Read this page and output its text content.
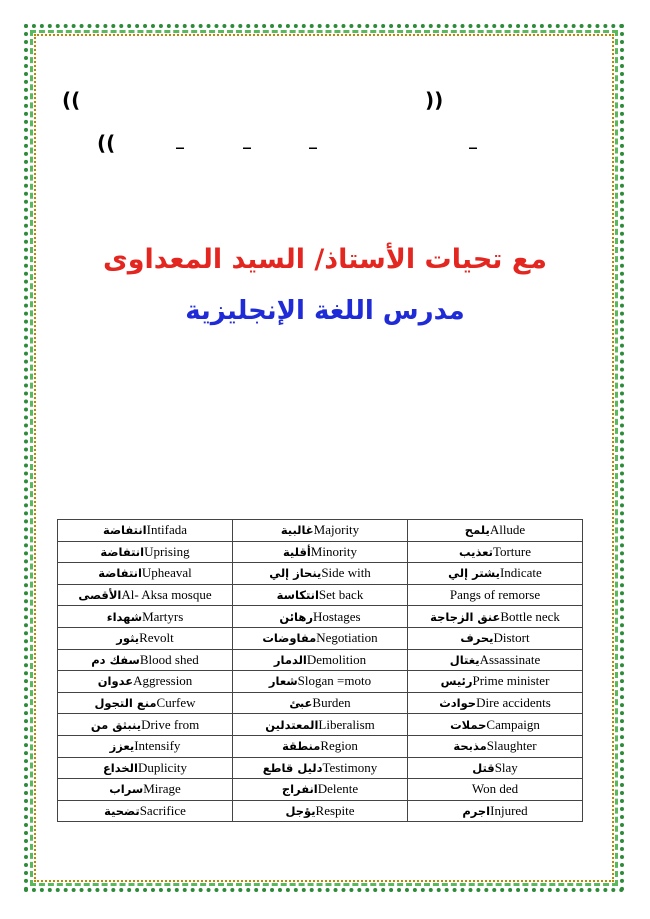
((	))
((	_	_	_	_
مع تحيات الأستاذ/ السيد المعداوى
مدرس اللغة الإنجليزية
انتفاضةIntifada	غالبيةMajority	يلمحAllude
انتفاضةUprising	أقليةMinority	تعذيبTorture
انتفاضةUpheaval	ينحاز إليSide with	يشتر إليIndicate
الأقصىAl- Aksa mosque	انتكاسةSet back	Pangs of remorse
شهداءMartyrs	رهائنHostages	عنق الزجاجةBottle neck
يثورRevolt	مفاوضاتNegotiation	يحرفDistort
سفك دمBlood shed	الدمارDemolition	يغتالAssassinate
عدوانAggression	شعارSlogan =moto	رئيسPrime minister
منع التجولCurfew	عبئBurden	حوادثDire accidents
ينبثق منDrive from	المعتدلينLiberalism	حملاتCampaign
يعززIntensify	منطقةRegion	مذبحةSlaughter
الخداعDuplicity	دليل قاطعTestimony	قتلSlay
سرابMirage	انفراجDelente	Won ded
تضحيةSacrifice	يؤجلRespite	اجرمInjured
